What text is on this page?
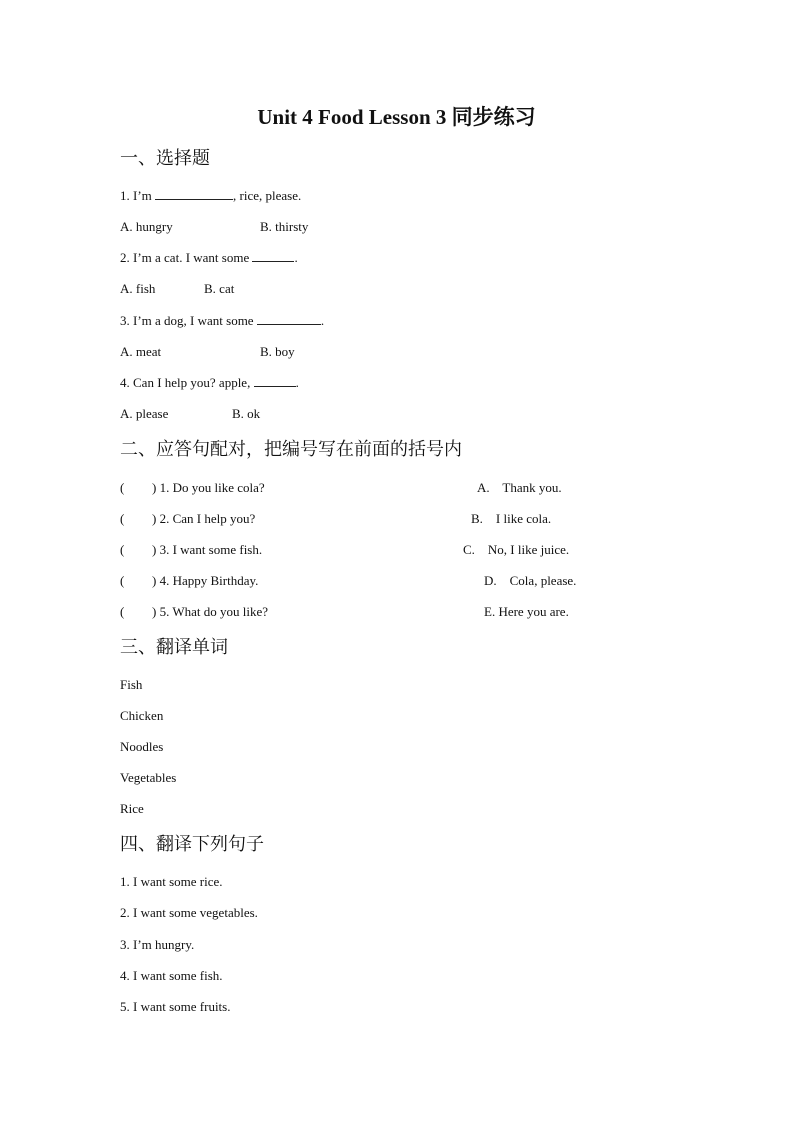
Unit 4 Food Lesson 3 同步练习
一、选择题
1. I’m	, rice, please.
A. hungry	B. thirsty
2. I’m a cat. I want some	.
A. fish	B. cat
3. I’m a dog, I want some	.
A. meat	B. boy
4. Can I help you? apple,	.
A. please	B. ok
二、应答句配对，把编号写在前面的括号内
( ) 1. Do you like cola?	A.    Thank you.
( ) 2. Can I help you?	B.    I like cola.
( ) 3. I want some fish.	C.    No, I like juice.
( ) 4. Happy Birthday.	D.    Cola, please.
( ) 5. What do you like?	E. Here you are.
三、翻译单词
Fish
Chicken
Noodles
Vegetables
Rice
四、翻译下列句子
1. I want some rice.
2. I want some vegetables.
3. I’m hungry.
4. I want some fish.
5. I want some fruits.
